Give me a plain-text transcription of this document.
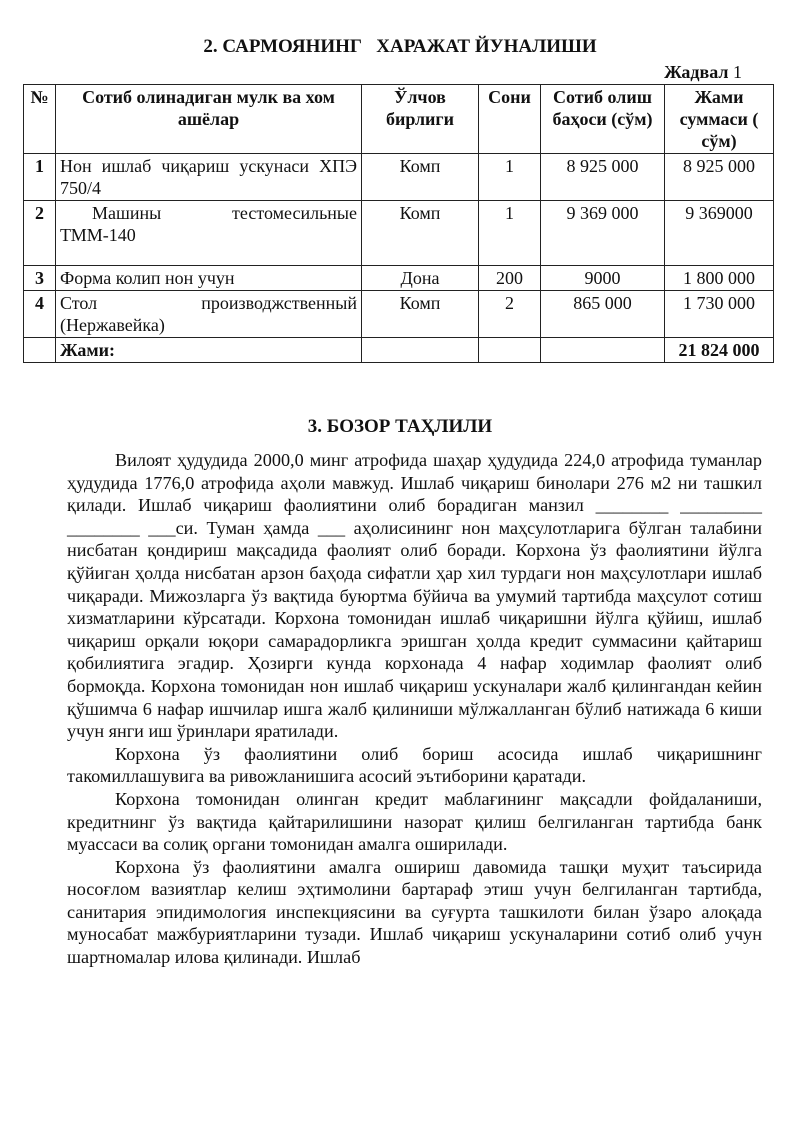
2. САРМОЯНИНГ   ХАРАЖАТ ЙУНАЛИШИ
Жадвал 1
№	Сотиб олинадиган мулк ва хом ашёлар	Ўлчов бирлиги	Сони	Сотиб олиш баҳоси (сўм)	Жами суммаси ( сўм)
1	Нон ишлаб чиқариш ускунаси ХПЭ 750/4	Комп	1	8 925 000	8 925 000
2	Машины тестомесильные ТММ-140	Комп	1	9 369 000	9 369000
3	Форма колип нон учун	Дона	200	9000	1 800 000
4	Стол производжственный (Нержавейка)	Комп	2	865 000	1 730 000
	Жами:				21 824 000
3. БОЗОР ТАҲЛИЛИ

Вилоят ҳудудида 2000,0 минг атрофида шаҳар ҳудудида 224,0 атрофида туманлар ҳудудида 1776,0 атрофида аҳоли мавжуд. Ишлаб чиқариш бинолари 276 м2 ни ташкил қилади. Ишлаб чиқариш фаолиятини олиб борадиган манзил ________ _________ ________ ___си. Туман ҳамда ___ аҳолисининг нон маҳсулотларига бўлган талабини нисбатан қондириш мақсадида фаолият олиб боради. Корхона ўз фаолиятини йўлга қўйиган ҳолда нисбатан арзон баҳода сифатли ҳар хил турдаги нон маҳсулотлари ишлаб чиқаради. Мижозларга ўз вақтида буюртма бўйича ва умумий тартибда маҳсулот сотиш хизматларини кўрсатади. Корхона томонидан ишлаб чиқаришни йўлга қўйиш, ишлаб чиқариш орқали юқори самарадорликга эришган ҳолда кредит суммасини қайтариш қобилиятига эгадир. Ҳозирги кунда корхонада 4 нафар ходимлар фаолият олиб бормоқда. Корхона томонидан нон ишлаб чиқариш ускуналари жалб қилингандан кейин қўшимча 6 нафар ишчилар ишга жалб қилиниши мўлжалланган бўлиб натижада 6 киши учун янги иш ўринлари яратилади.

Корхона ўз фаолиятини олиб бориш асосида ишлаб чиқаришнинг такомиллашувига ва ривожланишига асосий эътиборини қаратади.

Корхона томонидан олинган кредит маблағининг мақсадли фойдаланиши, кредитнинг ўз вақтида қайтарилишини назорат қилиш белгиланган тартибда банк муассаси ва солиқ органи томонидан амалга оширилади.

Корхона ўз фаолиятини амалга ошириш давомида ташқи муҳит таъсирида носоғлом вазиятлар келиш эҳтимолини бартараф этиш учун белгиланган тартибда, санитария эпидимология инспекциясини ва суғурта ташкилоти билан ўзаро алоқада муносабат мажбуриятларини тузади. Ишлаб чиқариш ускуналарини сотиб олиб учун шартномалар илова қилинади. Ишлаб
